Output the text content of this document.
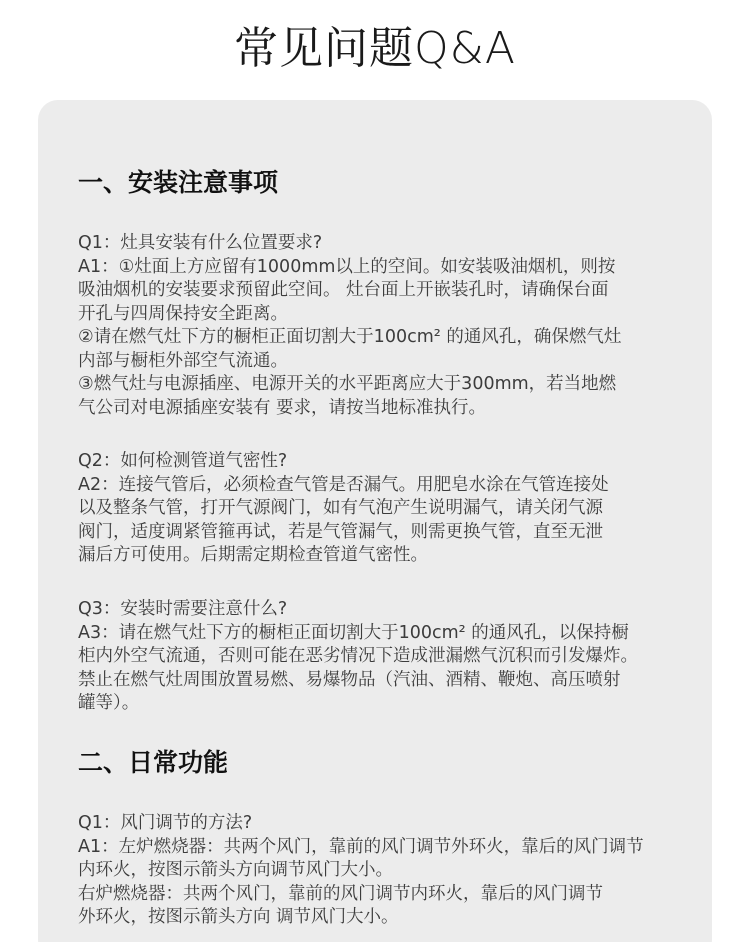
常见问题Q&A
一、安装注意事项
Q1：灶具安装有什么位置要求?
A1：①灶面上方应留有1000mm以上的空间。如安装吸油烟机，则按
吸油烟机的安装要求预留此空间。 灶台面上开嵌装孔时，请确保台面
开孔与四周保持安全距离。
②请在燃气灶下方的橱柜正面切割大于100cm² 的通风孔，确保燃气灶
内部与橱柜外部空气流通。
③燃气灶与电源插座、电源开关的水平距离应大于300mm，若当地燃
气公司对电源插座安装有 要求，请按当地标准执行。
Q2：如何检测管道气密性?
A2：连接气管后，必须检查气管是否漏气。用肥皂水涂在气管连接处
以及整条气管，打开气源阀门，如有气泡产生说明漏气，请关闭气源
阀门，适度调紧管箍再试，若是气管漏气，则需更换气管，直至无泄
漏后方可使用。后期需定期检查管道气密性。
Q3：安装时需要注意什么?
A3：请在燃气灶下方的橱柜正面切割大于100cm² 的通风孔，以保持橱
柜内外空气流通，否则可能在恶劣情况下造成泄漏燃气沉积而引发爆炸。
禁止在燃气灶周围放置易燃、易爆物品（汽油、酒精、鞭炮、高压喷射
罐等）。
二、日常功能
Q1：风门调节的方法?
A1：左炉燃烧器：共两个风门，靠前的风门调节外环火，靠后的风门调节
内环火，按图示箭头方向调节风门大小。
右炉燃烧器：共两个风门，靠前的风门调节内环火，靠后的风门调节
外环火，按图示箭头方向 调节风门大小。
